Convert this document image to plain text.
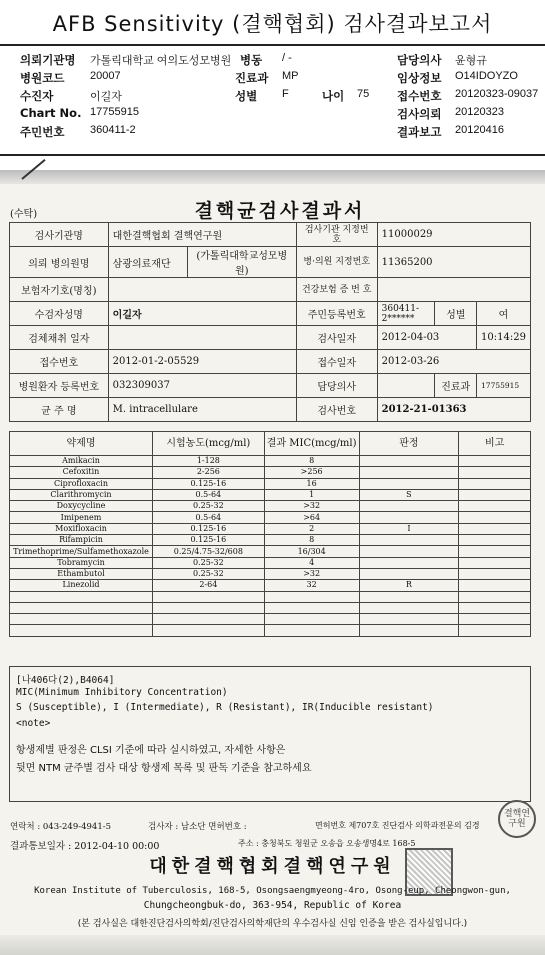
AFB Sensitivity (결핵협회) 검사결과보고서
의뢰기관명 가톨릭대학교 여의도성모병원 병동 / -	담당의사 윤형규
병원코드 20007	진료과 MP	임상정보 O14IDOYZO
수진자	이길자	성별 F	나이 75 접수번호 20120323-09037
Chart No. 17755915	검사의뢰 20120323
주민번호 360411-2	결과보고 20120416
(수탁)	결핵균검사결과서
검사기관명	대한결핵협회 결핵연구원		검사기관 지정번호	11000029		
의뢰 병의원명	삼광의료재단	(가톨릭대학교성모병원)	병·의원 지정번호	11365200		
보험자기호(명칭)			건강보험 증 번 호			
수검자성명	이길자		주민등록번호	360411-2******	성별	여
검체채취 일자			검사일자	2012-04-03		10:14:29
접수번호	2012-01-2-05529		접수일자	2012-03-26		
병원환자 등록번호	032309037		담당의사		진료과	17755915
균 주 명	M. intracellulare		검사번호	2012-21-01363		
약제명	시험농도(mcg/ml)	결과 MIC(mcg/ml)	판정	비고
Amikacin	1-128	8		
Cefoxitin	2-256	>256		
Ciprofloxacin	0.125-16	16		
Clarithromycin	0.5-64	1	S	
Doxycycline	0.25-32	>32		
Imipenem	0.5-64	>64		
Moxifloxacin	0.125-16	2	I	
Rifampicin	0.125-16	8		
Trimethoprime/Sulfamethoxazole	0.25/4.75-32/608	16/304		
Tobramycin	0.25-32	4		
Ethambutol	0.25-32	>32		
Linezolid	2-64	32	R	

[나406다(2),B4064]
MIC(Minimum Inhibitory Concentration)
S (Susceptible), I (Intermediate), R (Resistant), IR(Inducible resistant)
<note>
항생제별 판정은 CLSI 기준에 따라 실시하였고, 자세한 사항은
뒷면 NTM 균주별 검사 대상 항생제 목록 및 판독 기준을 참고하세요
연락처 : 043-249-4941-5	검사자 : 남소단 면허번호 :	면허번호 제707호 진단검사 의학과전문의 김경
결과통보일자 : 2012-04-10 00:00	주소 : 충청북도 청원군 오송읍 오송생명4로 168-5
결핵연구원
대한결핵협회결핵연구원
Korean Institute of Tuberculosis, 168-5, Osongsaengmyeong-4ro, Osong-eup, Cheongwon-gun,
Chungcheongbuk-do, 363-954, Republic of Korea
(본 검사실은 대한진단검사의학회/진단검사의학재단의 우수검사실 신임 인증을 받은 검사실입니다.)
